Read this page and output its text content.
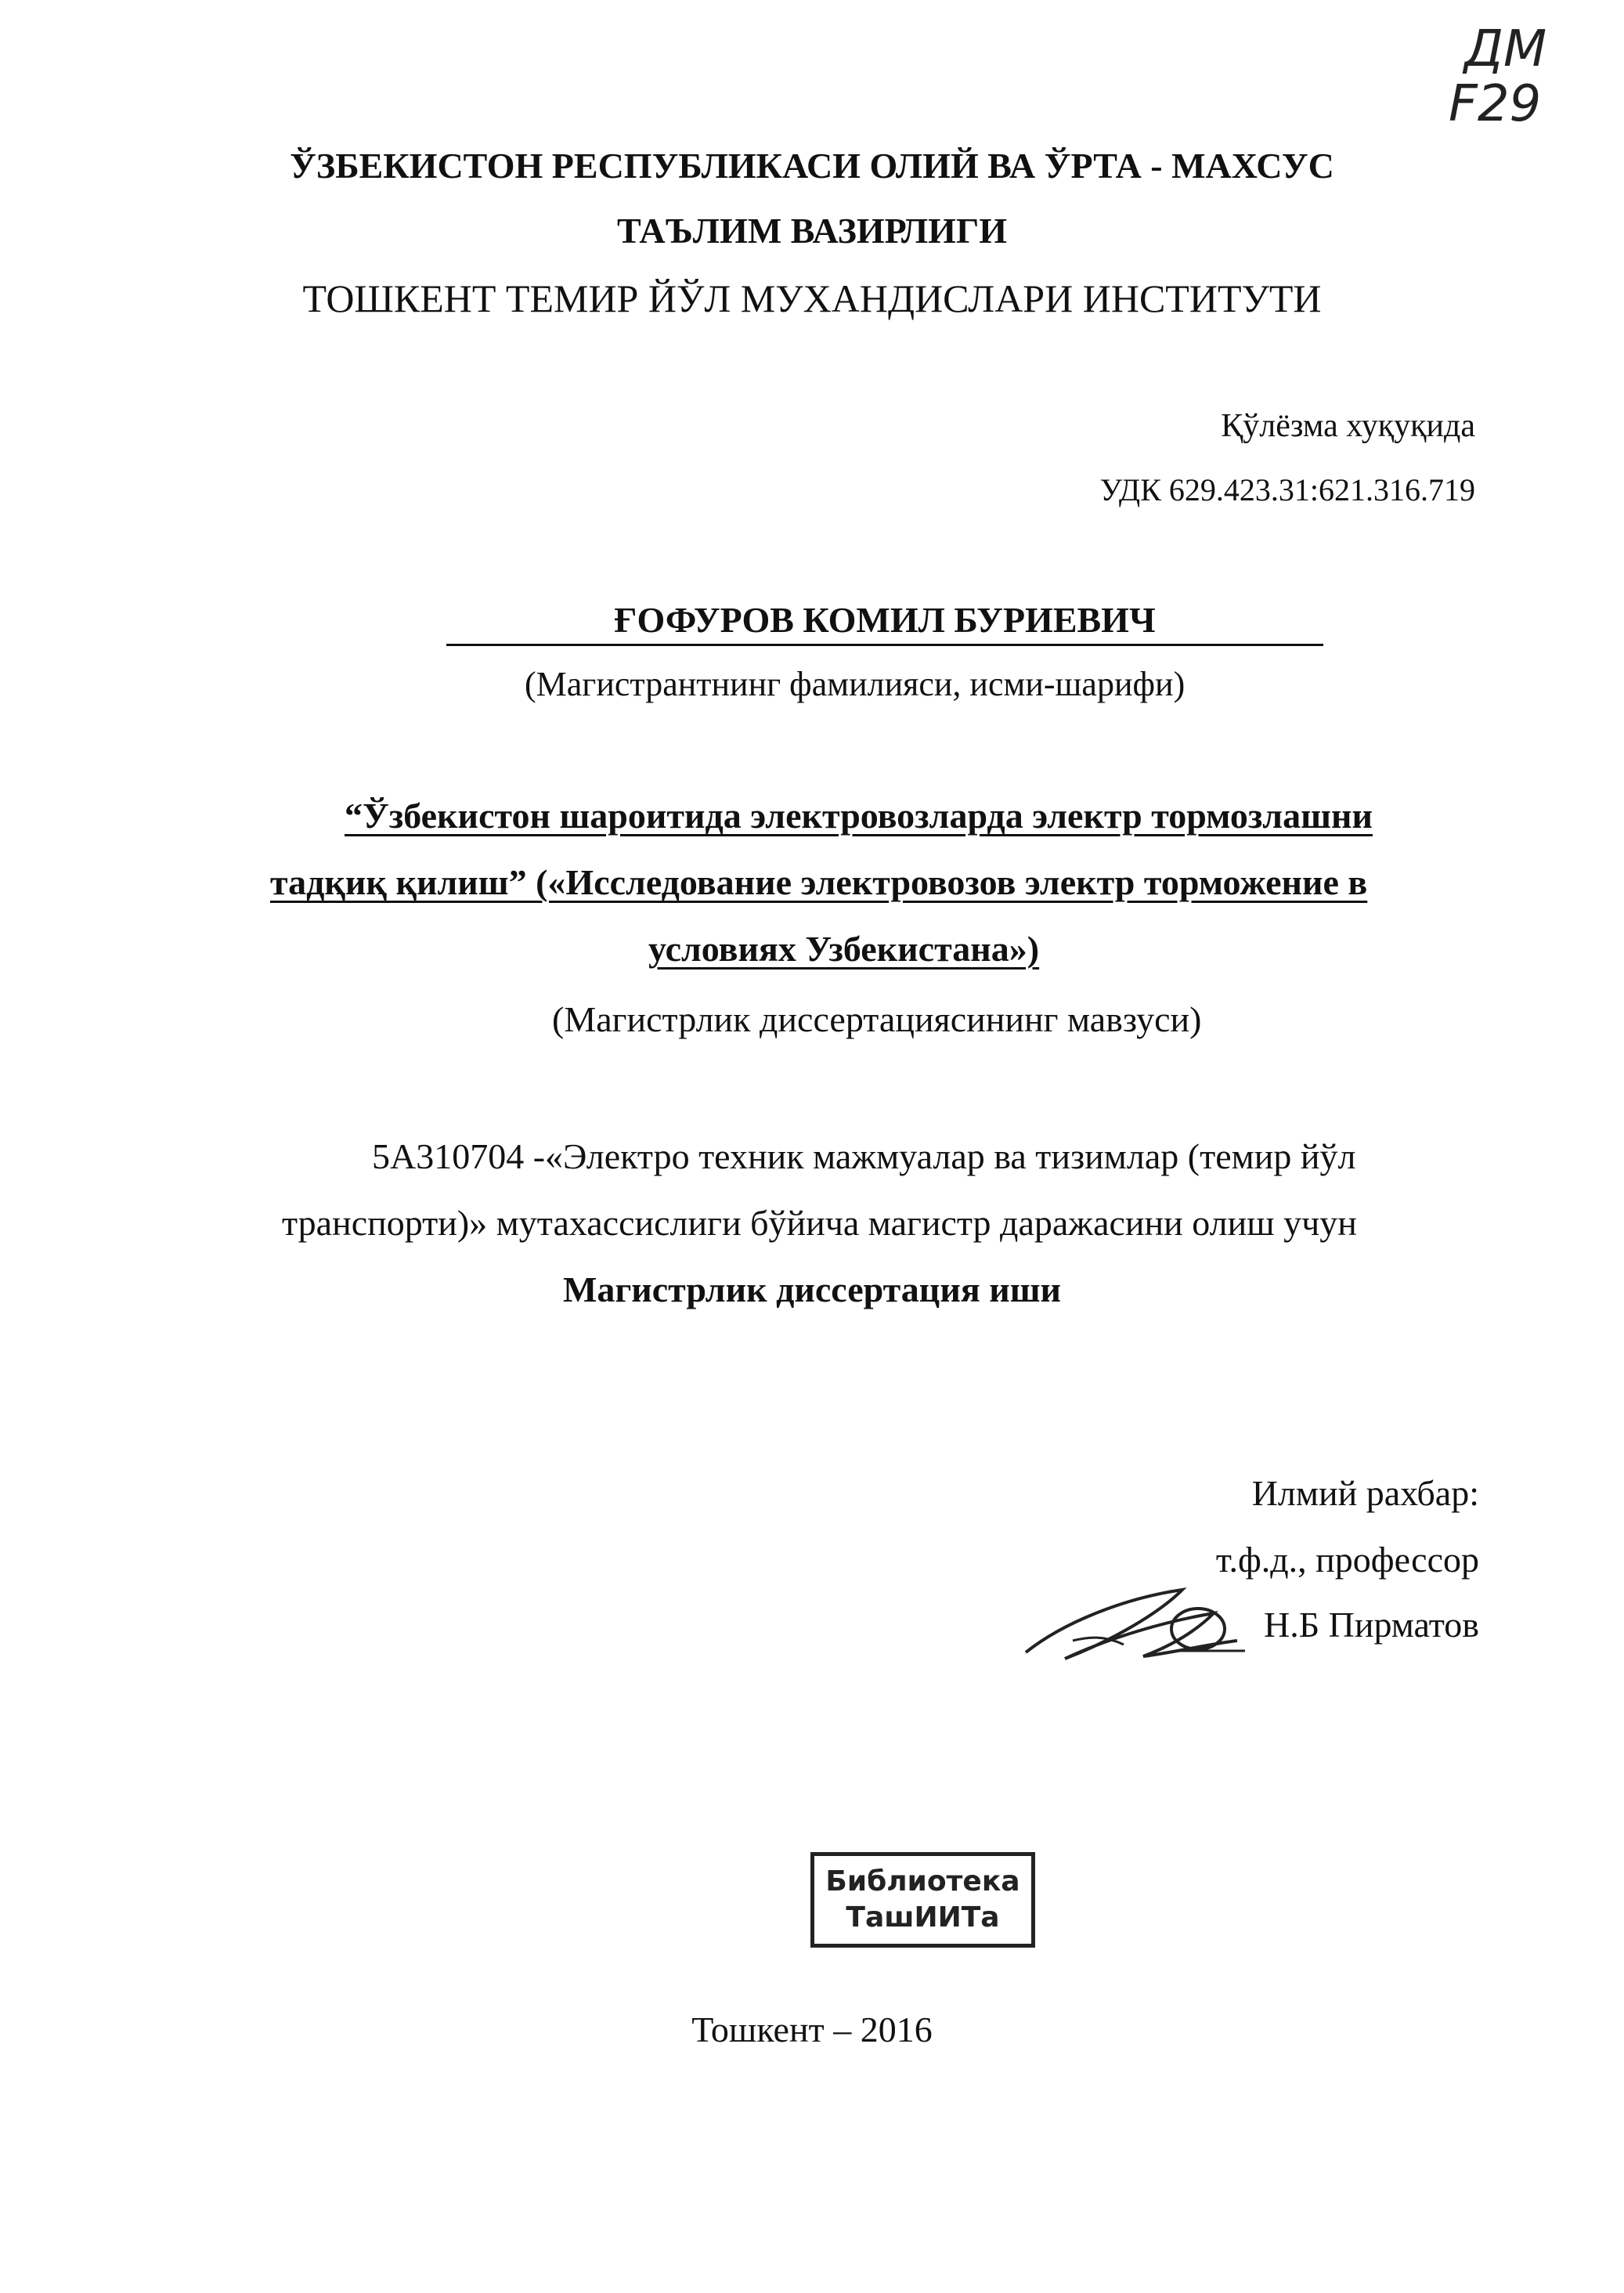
ДМ
F29
ЎЗБЕКИСТОН РЕСПУБЛИКАСИ ОЛИЙ ВА ЎРТА - МАХСУС
ТАЪЛИМ ВАЗИРЛИГИ
ТОШКЕНТ ТЕМИР ЙЎЛ МУХАНДИСЛАРИ ИНСТИТУТИ
Қўлёзма хуқуқида
УДК 629.423.31:621.316.719
ҒОФУРОВ КОМИЛ БУРИЕВИЧ
(Магистрантнинг фамилияси, исми-шарифи)
“Ўзбекистон шароитида электровозларда электр тормозлашни
тадқиқ қилиш” («Исследование электровозов электр торможение в
условиях Узбекистана»)
(Магистрлик диссертациясининг мавзуси)
5А310704 -«Электро техник мажмуалар ва тизимлар (темир йўл
транспорти)» мутахассислиги бўйича магистр даражасини олиш учун
Магистрлик диссертация иши
Илмий рахбар:
т.ф.д., профессор
Н.Б Пирматов
Библиотека
ТашИИТа
Тошкент – 2016
